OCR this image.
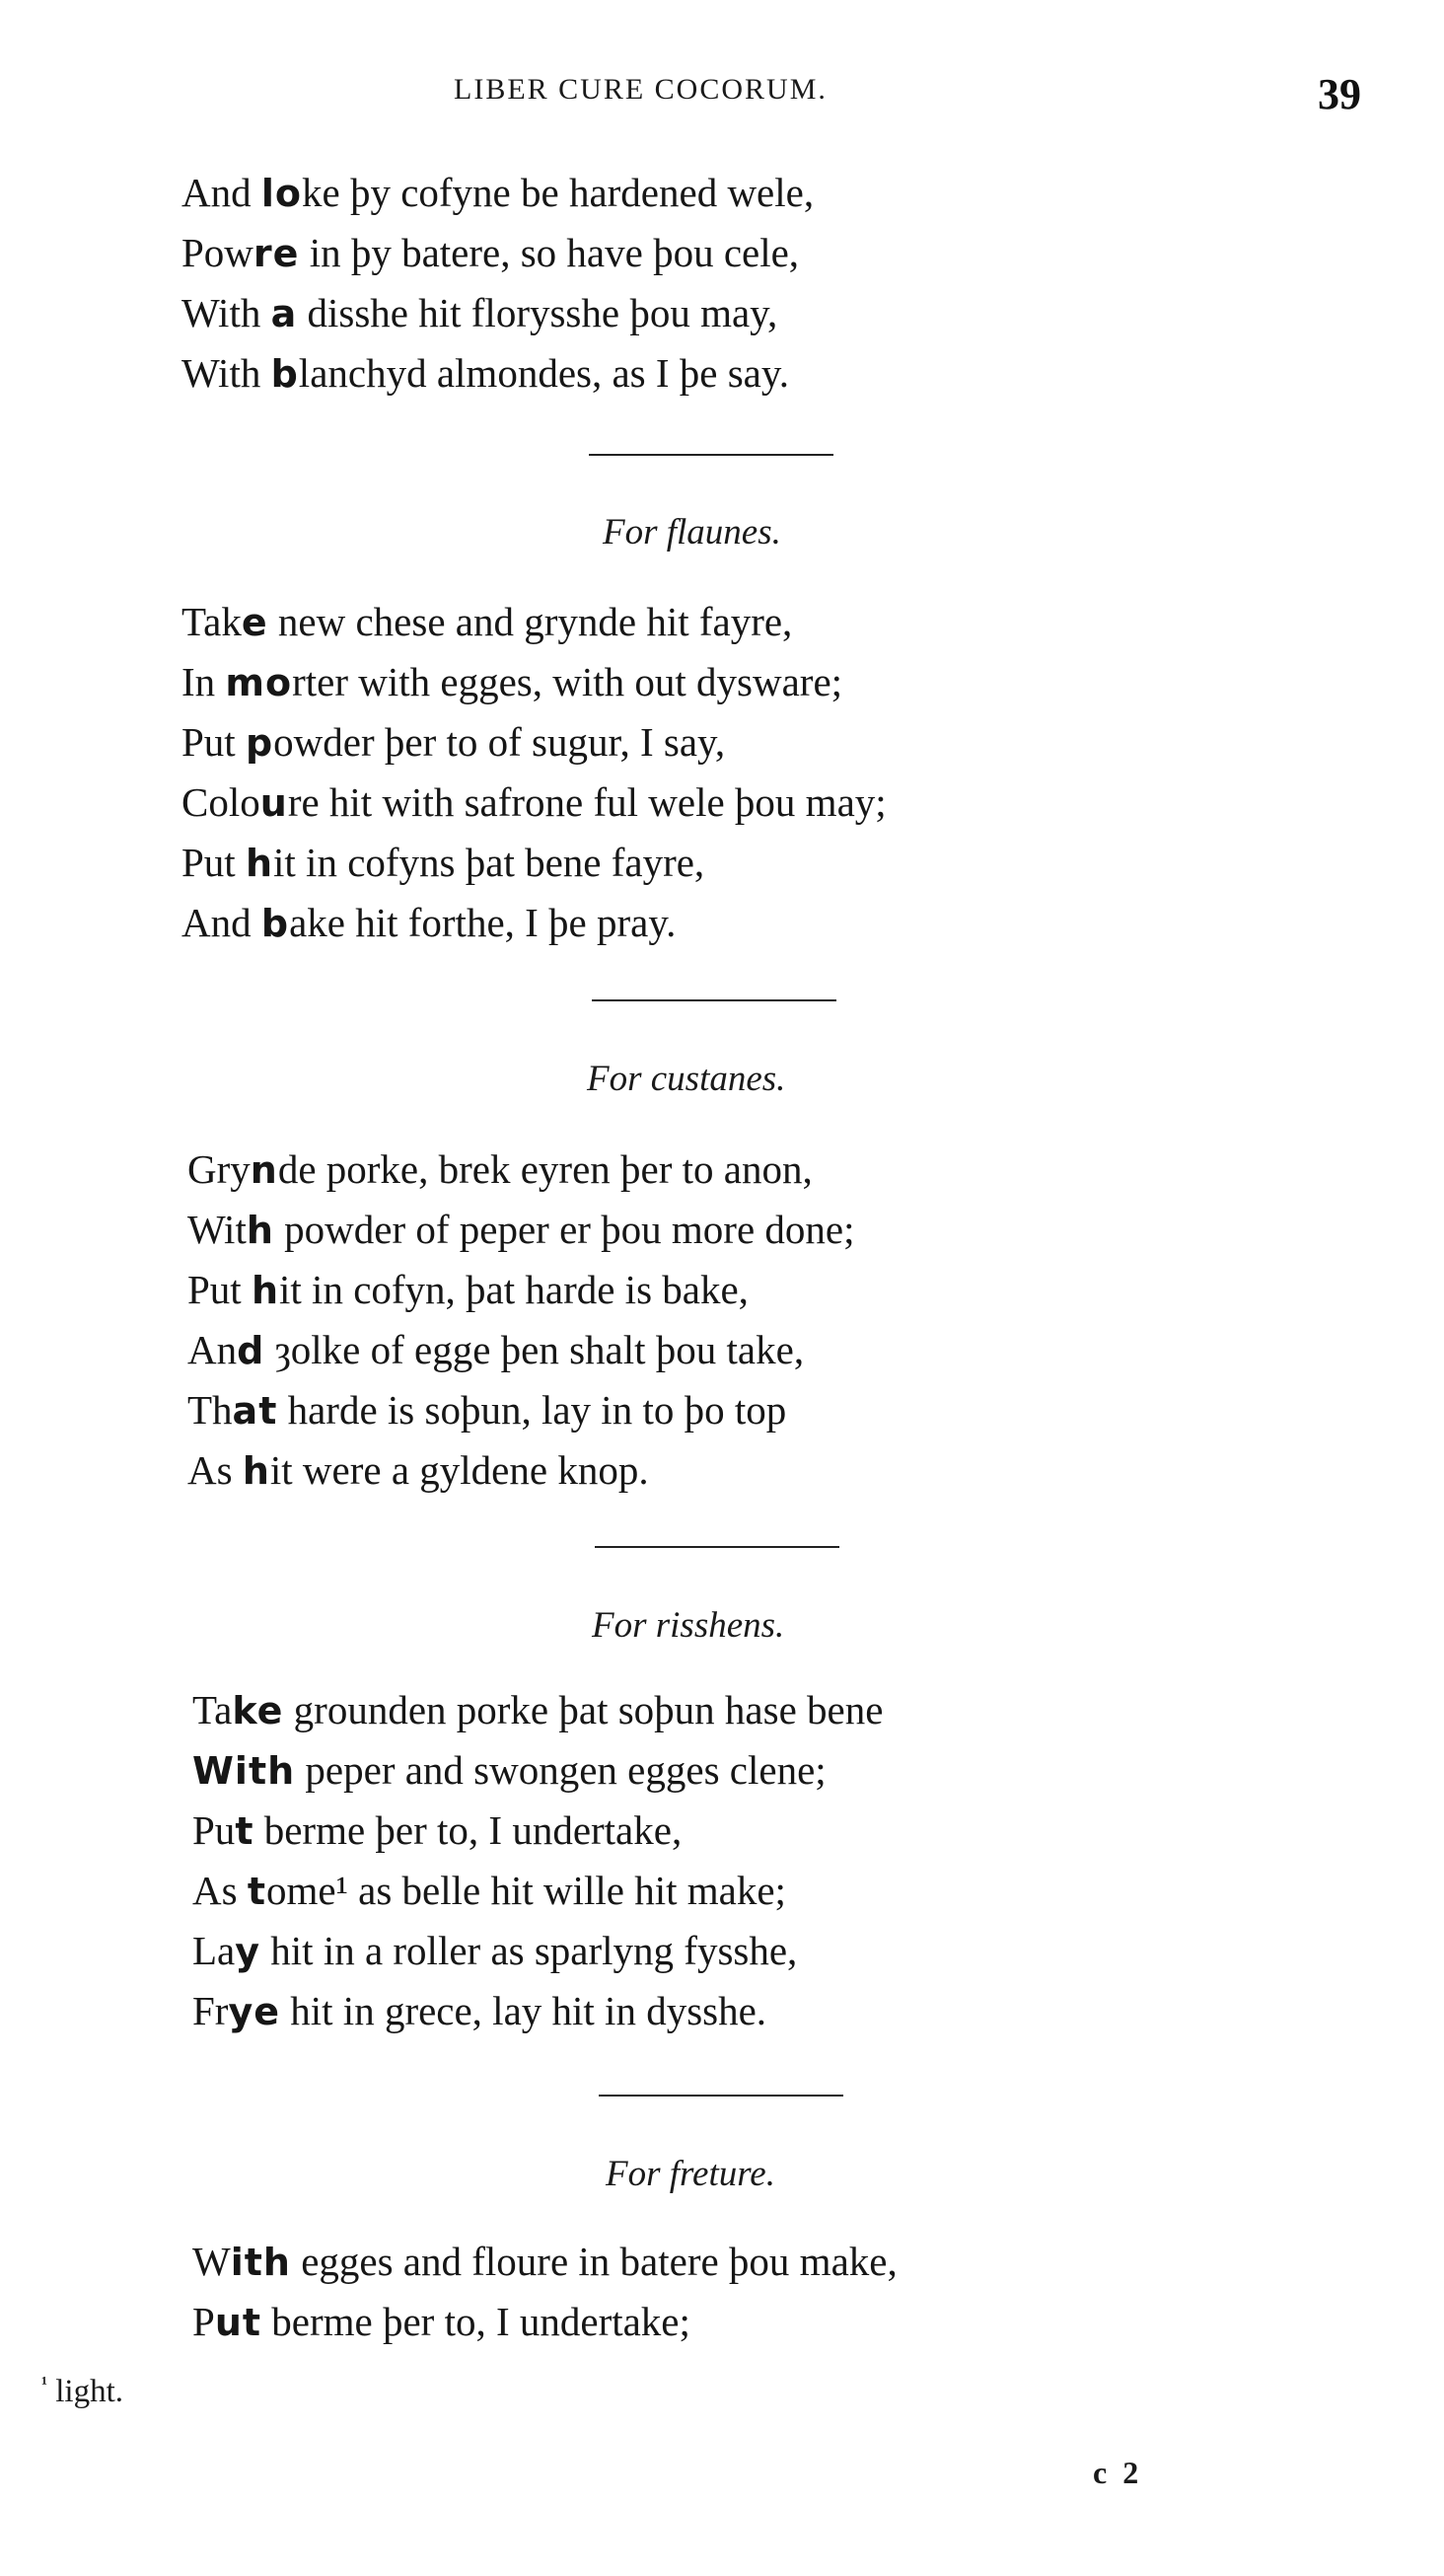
LIBER CURE COCORUM.	39
And loke þy cofyne be hardened wele,
Powre in þy batere, so have þou cele,
With a disshe hit florysshe þou may,
With blanchyd almondes, as I þe say.
For flaunes.
Take new chese and grynde hit fayre,
In morter with egges, with out dysware;
Put powder þer to of sugur, I say,
Coloure hit with safrone ful wele þou may;
Put hit in cofyns þat bene fayre,
And bake hit forthe, I þe pray.
For custanes.
Grynde porke, brek eyren þer to anon,
With powder of peper er þou more done;
Put hit in cofyn, þat harde is bake,
And ȝolke of egge þen shalt þou take,
That harde is soþun, lay in to þo top
As hit were a gyldene knop.
For risshens.
Take grounden porke þat soþun hase bene
With peper and swongen egges clene;
Put berme þer to, I undertake,
As tome¹ as belle hit wille hit make;
Lay hit in a roller as sparlyng fysshe,
Frye hit in grece, lay hit in dysshe.
For freture.
With egges and floure in batere þou make,
Put berme þer to, I undertake;
$^{^1}$ light.
c 2
